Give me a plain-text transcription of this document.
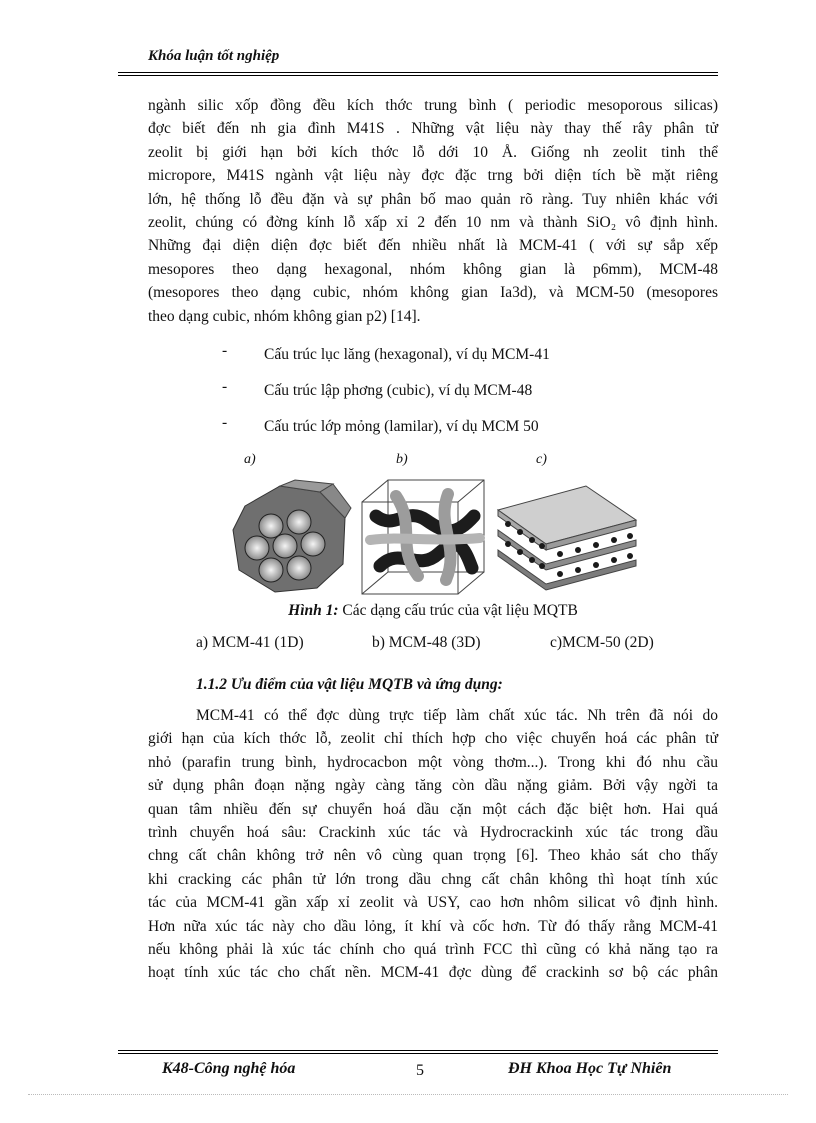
Khóa luận tốt nghiệp
ngành silic xốp đồng đều kích thớc trung bình ( periodic mesoporous silicas)
đợc biết đến nh gia đình M41S . Những vật liệu này thay thế rây phân tử
zeolit bị giới hạn bởi kích thớc lỗ dới 10 Å. Giống nh zeolit tinh thể
micropore, M41S ngành vật liệu này đợc đặc trng bởi diện tích bề mặt riêng
lớn, hệ thống lỗ đều đặn và sự phân bố mao quản rõ ràng. Tuy nhiên khác với
zeolit, chúng có đờng kính lỗ xấp xỉ 2 đến 10 nm và thành SiO₂ vô định hình.
Những đại diện diện đợc biết đến nhiều nhất là MCM-41 ( với sự sắp xếp
mesopores theo dạng hexagonal, nhóm không gian là p6mm), MCM-48
(mesopores theo dạng cubic, nhóm không gian Ia3d), và MCM-50 (mesopores
theo dạng cubic, nhóm không gian p2) [14].
- Cấu trúc lục lăng (hexagonal), ví dụ MCM-41
- Cấu trúc lập phơng (cubic), ví dụ MCM-48
- Cấu trúc lớp mỏng (lamilar), ví dụ MCM 50
a)	b)	c)
Hình 1: Các dạng cấu trúc của vật liệu MQTB
a) MCM-41 (1D)	b) MCM-48 (3D)	c)MCM-50 (2D)
1.1.2 Ưu điểm của vật liệu MQTB và ứng dụng:
MCM-41 có thể đợc dùng trực tiếp làm chất xúc tác. Nh trên đã nói do
giới hạn của kích thớc lỗ, zeolit chỉ thích hợp cho việc chuyển hoá các phân tử
nhỏ (parafin trung bình, hydrocacbon một vòng thơm...). Trong khi đó nhu cầu
sử dụng phân đoạn nặng ngày càng tăng còn dầu nặng giảm. Bởi vậy ngời ta
quan tâm nhiều đến sự chuyển hoá dầu cặn một cách đặc biệt hơn. Hai quá
trình chuyển hoá sâu: Crackinh xúc tác và Hydrocrackinh xúc tác trong dầu
chng cất chân không trở nên vô cùng quan trọng [6]. Theo khảo sát cho thấy
khi cracking các phân tử lớn trong dầu chng cất chân không thì hoạt tính xúc
tác của MCM-41 gần xấp xỉ zeolit và USY, cao hơn nhôm silicat vô định hình.
Hơn nữa xúc tác này cho dầu lỏng, ít khí và cốc hơn. Từ đó thấy rằng MCM-41
nếu không phải là xúc tác chính cho quá trình FCC thì cũng có khả năng tạo ra
hoạt tính xúc tác cho chất nền. MCM-41 đợc dùng để crackinh sơ bộ các phân
K48-Công nghệ hóa	5	ĐH Khoa Học Tự Nhiên
